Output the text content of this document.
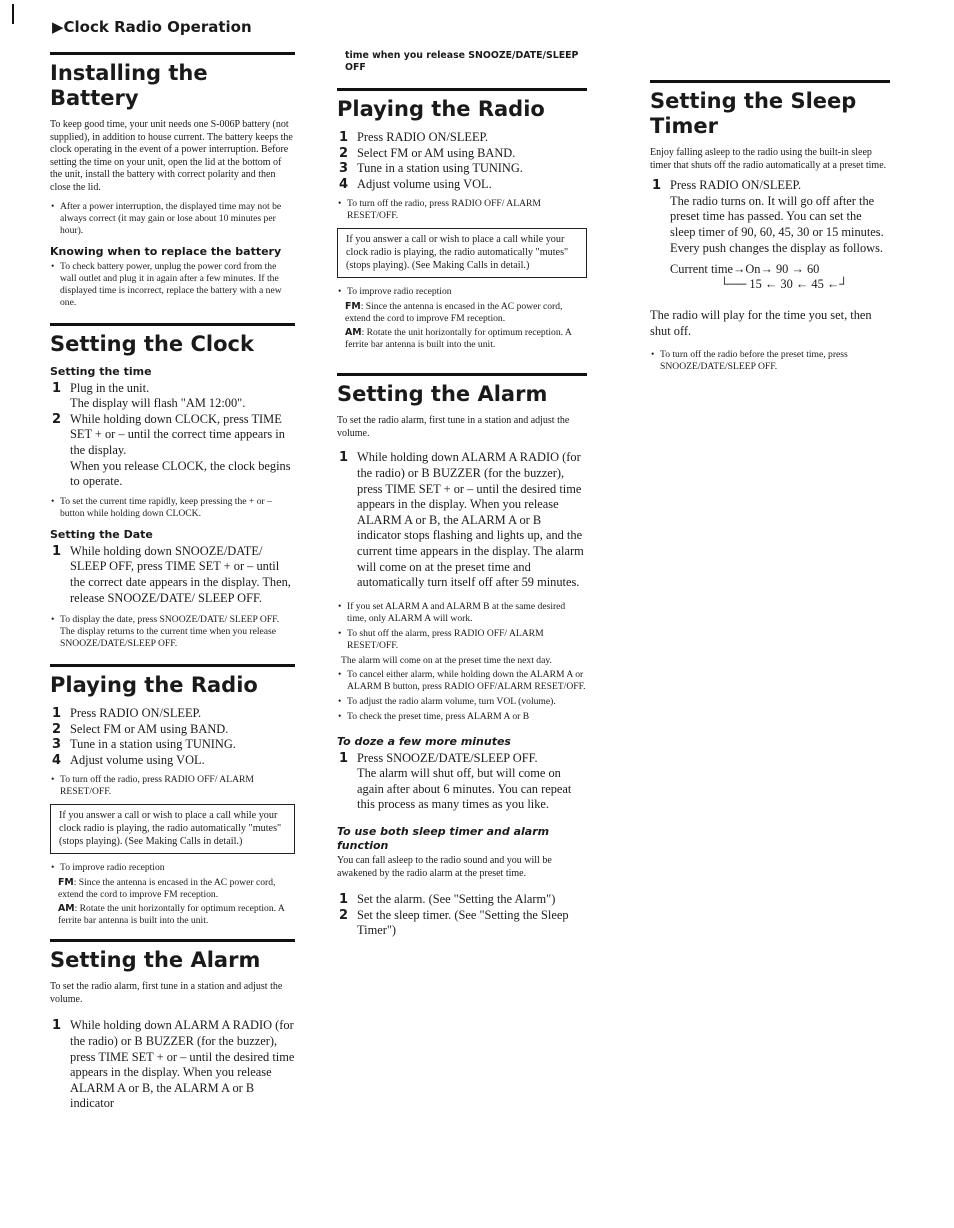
▶Clock Radio Operation
Installing the Battery

To keep good time, your unit needs one S-006P battery (not supplied), in addition to house current. The battery keeps the clock operating in the event of a power interruption. Before setting the time on your unit, open the lid at the bottom of the unit, install the battery with correct polarity and then close the lid.

• After a power interruption, the displayed time may not be always correct (it may gain or lose about 10 minutes per hour).
Knowing when to replace the battery
• To check battery power, unplug the power cord from the wall outlet and plug it in again after a few minutes. If the displayed time is incorrect, replace the battery with a new one.
Setting the Clock
Setting the time
1 Plug in the unit.
The display will flash "AM 12:00".
2 While holding down CLOCK, press TIME SET + or – until the correct time appears in the display.
When you release CLOCK, the clock begins to operate.
• To set the current time rapidly, keep pressing the + or – button while holding down CLOCK.
Setting the Date
1 While holding down SNOOZE/DATE/ SLEEP OFF, press TIME SET + or – until the correct date appears in the display. Then, release SNOOZE/DATE/ SLEEP OFF.
• To display the date, press SNOOZE/DATE/ SLEEP OFF. The display returns to the current time when you release SNOOZE/DATE/SLEEP OFF.
Playing the Radio
1 Press RADIO ON/SLEEP.
2 Select FM or AM using BAND.
3 Tune in a station using TUNING.
4 Adjust volume using VOL.
• To turn off the radio, press RADIO OFF/ ALARM RESET/OFF.
If you answer a call or wish to place a call while your clock radio is playing, the radio automatically "mutes"(stops playing). (See Making Calls in detail.)
• To improve radio reception
FM: Since the antenna is encased in the AC power cord, extend the cord to improve FM reception.
AM: Rotate the unit horizontally for optimum reception. A ferrite bar antenna is built into the unit.
Setting the Alarm

To set the radio alarm, first tune in a station and adjust the volume.

1 While holding down ALARM A RADIO (for the radio) or B BUZZER (for the buzzer), press TIME SET + or – until the desired time appears in the display. When you release ALARM A or B, the ALARM A or B indicator
time when you release SNOOZE/DATE/SLEEP OFF
Playing the Radio
1 Press RADIO ON/SLEEP.
2 Select FM or AM using BAND.
3 Tune in a station using TUNING.
4 Adjust volume using VOL.
• To turn off the radio, press RADIO OFF/ ALARM RESET/OFF.
If you answer a call or wish to place a call while your clock radio is playing, the radio automatically "mutes"(stops playing). (See Making Calls in detail.)
• To improve radio reception
FM: Since the antenna is encased in the AC power cord, extend the cord to improve FM reception.
AM: Rotate the unit horizontally for optimum reception. A ferrite bar antenna is built into the unit.
Setting the Alarm

To set the radio alarm, first tune in a station and adjust the volume.

1 While holding down ALARM A RADIO (for the radio) or B BUZZER (for the buzzer), press TIME SET + or – until the desired time appears in the display. When you release ALARM A or B, the ALARM A or B indicator stops flashing and lights up, and the current time appears in the display. The alarm will come on at the preset time and automatically turn itself off after 59 minutes.
• If you set ALARM A and ALARM B at the same desired time, only ALARM A will work.
• To shut off the alarm, press RADIO OFF/ ALARM RESET/OFF.
The alarm will come on at the preset time the next day.
• To cancel either alarm, while holding down the ALARM A or ALARM B button, press RADIO OFF/ALARM RESET/OFF.
• To adjust the radio alarm volume, turn VOL (volume).
• To check the preset time, press ALARM A or B
To doze a few more minutes
1 Press SNOOZE/DATE/SLEEP OFF.
The alarm will shut off, but will come on again after about 6 minutes. You can repeat this process as many times as you like.
To use both sleep timer and alarm function

You can fall asleep to the radio sound and you will be awakened by the radio alarm at the preset time.

1 Set the alarm. (See "Setting the Alarm")
2 Set the sleep timer. (See "Setting the Sleep Timer")
Setting the Sleep Timer

Enjoy falling asleep to the radio using the built-in sleep timer that shuts off the radio automatically at a preset time.

1 Press RADIO ON/SLEEP.
The radio turns on. It will go off after the preset time has passed. You can set the sleep timer of 90, 60, 45, 30 or 15 minutes.
Every push changes the display as follows.
Current time→On→ 90 → 60
└── 15 ← 30 ← 45 ←┘

The radio will play for the time you set, then shut off.

• To turn off the radio before the preset time, press SNOOZE/DATE/SLEEP OFF.
